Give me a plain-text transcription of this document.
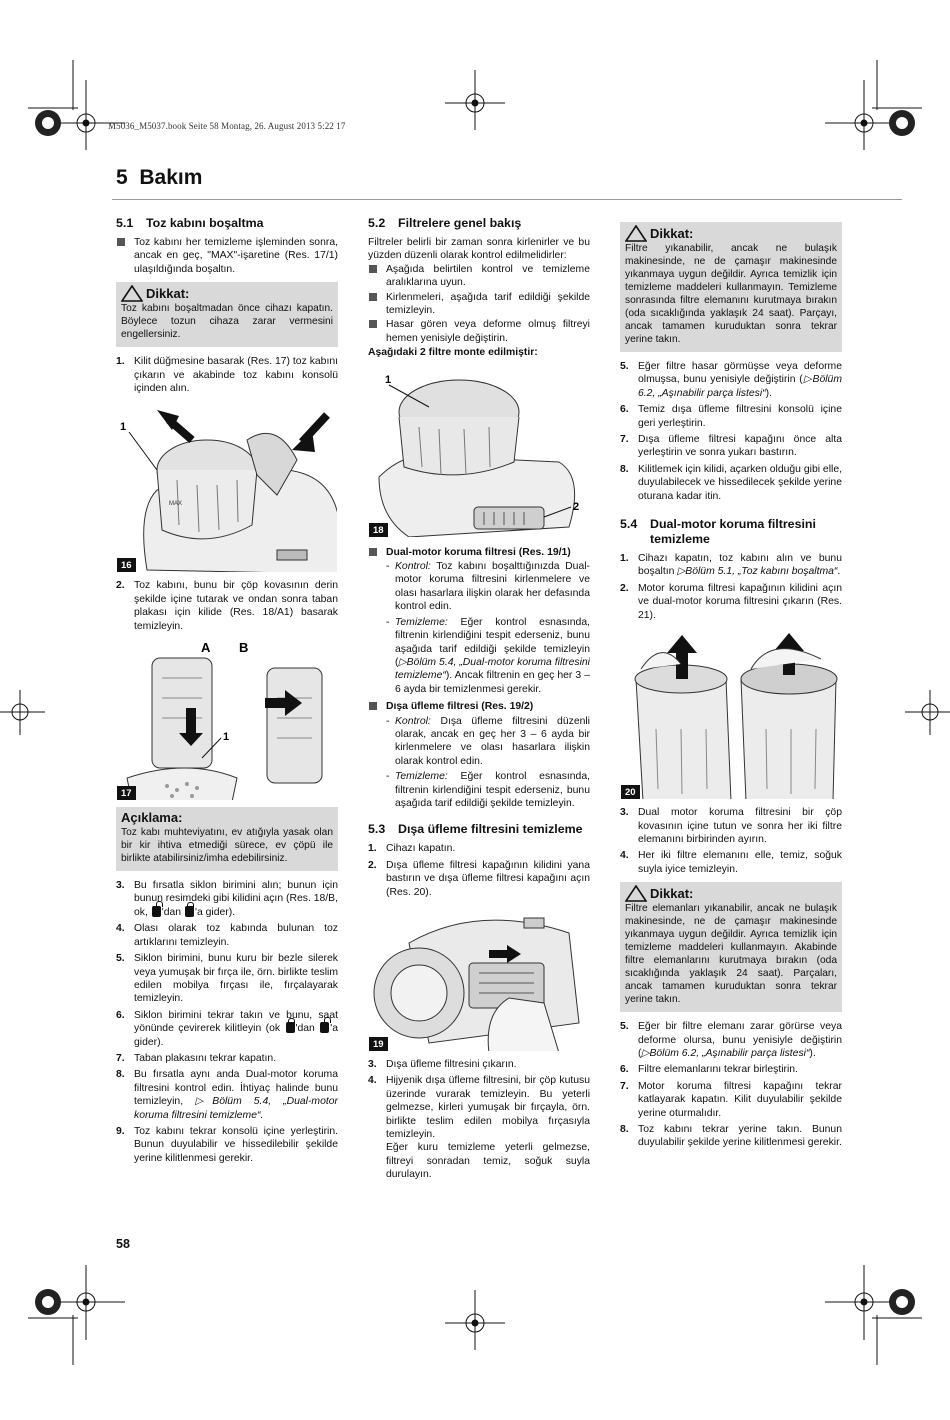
M5036_M5037.book Seite 58 Montag, 26. August 2013 5:22 17
5 Bakım
5.1	Toz kabını boşaltma
Toz kabını her temizleme işleminden sonra, ancak en geç, "MAX"-işaretine (Res. 17/1) ulaşıldığında boşaltın.
Dikkat:
Toz kabını boşaltmadan önce cihazı kapatın. Böylece tozun cihaza zarar vermesini engellersiniz.
1. Kilit düğmesine basarak (Res. 17) toz kabını çıkarın ve akabinde toz kabını konsolü içinden alın.
MAX
1
16
2. Toz kabını, bunu bir çöp kovasının derin şekilde içine tutarak ve ondan sonra taban plakası için kilide (Res. 18/A1) basarak temizleyin.
A B
1
17
Açıklama:
Toz kabı muhteviyatını, ev atığıyla yasak olan bir kir ihtiva etmediği sürece, ev çöpü ile birlikte atabilirsiniz/imha edebilirsiniz.
3. Bu fırsatla siklon birimini alın; bunun için bunun resimdeki gibi kilidini açın (Res. 18/B, ok, 'dan 'a gider).
4. Olası olarak toz kabında bulunan toz artıklarını temizleyin.
5. Siklon birimini, bunu kuru bir bezle silerek veya yumuşak bir fırça ile, örn. birlikte teslim edilen mobilya fırçası ile, fırçalayarak temizleyin.
6. Siklon birimini tekrar takın ve bunu, saat yönünde çevirerek kilitleyin (ok 'dan 'a gider).
7. Taban plakasını tekrar kapatın.
8. Bu fırsatla aynı anda Dual-motor koruma filtresini kontrol edin. İhtiyaç halinde bunu temizleyin, ▷Bölüm 5.4, „Dual-motor koruma filtresini temizleme“.
9. Toz kabını tekrar konsolü içine yerleştirin. Bunun duyulabilir ve hissedilebilir şekilde yerine kilitlenmesi gerekir.
5.2	Filtrelere genel bakış

Filtreler belirli bir zaman sonra kirlenirler ve bu yüzden düzenli olarak kontrol edilmelidirler:

Aşağıda belirtilen kontrol ve temizleme aralıklarına uyun.
Kirlenmeleri, aşağıda tarif edildiği şekilde temizleyin.
Hasar gören veya deforme olmuş filtreyi hemen yenisiyle değiştirin.

Aşağıdaki 2 filtre monte edilmiştir:

1
2
18
Dual-motor koruma filtresi (Res. 19/1)
- Kontrol: Toz kabını boşalttığınızda Dual-motor koruma filtresini kirlenmelere ve olası hasarlara ilişkin olarak her defasında kontrol edin.
- Temizleme: Eğer kontrol esnasında, filtrenin kirlendiğini tespit ederseniz, bunu aşağıda tarif edildiği şekilde temizleyin (▷Bölüm 5.4, „Dual-motor koruma filtresini temizleme“). Ancak filtrenin en geç her 3 – 6 ayda bir temizlenmesi gerekir.
Dışa üfleme filtresi (Res. 19/2)
- Kontrol: Dışa üfleme filtresini düzenli olarak, ancak en geç her 3 – 6 ayda bir kirlenmelere ve olası hasarlara ilişkin olarak kontrol edin.
- Temizleme: Eğer kontrol esnasında, filtrenin kirlendiğini tespit ederseniz, bunu aşağıda tarif edildiği şekilde temizleyin.
5.3	Dışa üfleme filtresini temizleme
1. Cihazı kapatın.
2. Dışa üfleme filtresi kapağının kilidini yana bastırın ve dışa üfleme filtresi kapağını açın (Res. 20).
19
3. Dışa üfleme filtresini çıkarın.
4. Hijyenik dışa üfleme filtresini, bir çöp kutusu üzerinde vurarak temizleyin. Bu yeterli gelmezse, kirleri yumuşak bir fırçayla, örn. birlikte teslim edilen mobilya fırçasıyla temizleyin.
Eğer kuru temizleme yeterli gelmezse, filtreyi sonradan temiz, soğuk suyla durulayın.
Dikkat:
Filtre yıkanabilir, ancak ne bulaşık makinesinde, ne de çamaşır makinesinde yıkanmaya uygun değildir. Ayrıca temizlik için temizleme maddeleri kullanmayın. Temizleme sonrasında filtre elemanını kurutmaya bırakın (oda sıcaklığında yaklaşık 24 saat). Parçayı, ancak tamamen kuruduktan sonra tekrar yerine takın.
5. Eğer filtre hasar görmüşse veya deforme olmuşsa, bunu yenisiyle değiştirin (▷Bölüm 6.2, „Aşınabilir parça listesi“).
6. Temiz dışa üfleme filtresini konsolü içine geri yerleştirin.
7. Dışa üfleme filtresi kapağını önce alta yerleştirin ve sonra yukarı bastırın.
8. Kilitlemek için kilidi, açarken olduğu gibi elle, duyulabilecek ve hissedilecek şekilde yerine oturana kadar itin.
5.4	Dual-motor koruma filtresini temizleme
1. Cihazı kapatın, toz kabını alın ve bunu boşaltın ▷Bölüm 5.1, „Toz kabını boşaltma“.
2. Motor koruma filtresi kapağının kilidini açın ve dual-motor koruma filtresini çıkarın (Res. 21).
20
3. Dual motor koruma filtresini bir çöp kovasının içine tutun ve sonra her iki filtre elemanını birbirinden ayırın.
4. Her iki filtre elemanını elle, temiz, soğuk suyla iyice temizleyin.
Dikkat:
Filtre elemanları yıkanabilir, ancak ne bulaşık makinesinde, ne de çamaşır makinesinde yıkanmaya uygun değildir. Ayrıca temizlik için temizleme maddeleri kullanmayın. Akabinde filtre elemanlarını kurutmaya bırakın (oda sıcaklığında yaklaşık 24 saat). Parçaları, ancak tamamen kuruduktan sonra tekrar yerine takın.
5. Eğer bir filtre elemanı zarar görürse veya deforme olursa, bunu yenisiyle değiştirin (▷Bölüm 6.2, „Aşınabilir parça listesi“).
6. Filtre elemanlarını tekrar birleştirin.
7. Motor koruma filtresi kapağını tekrar katlayarak kapatın. Kilit duyulabilir şekilde yerine oturmalıdır.
8. Toz kabını tekrar yerine takın. Bunun duyulabilir şekilde yerine kilitlenmesi gerekir.
58
